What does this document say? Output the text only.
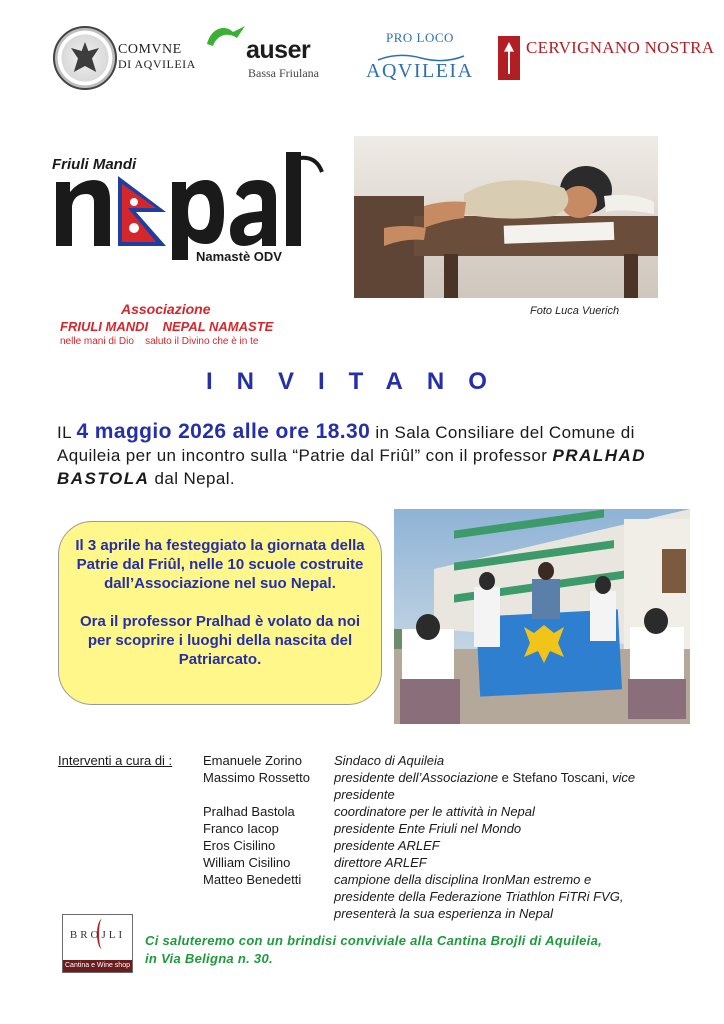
COMVNE
DI AQVILEIA auser
Bassa Friulana
PRO LOCO
AQVILEIA
CERVIGNANO NOSTRA
Friuli Mandi
Namastè ODV
Foto Luca Vuerich
Associazione
FRIULI MANDI NEPAL NAMASTE
nelle mani di Dio saluto il Divino che è in te
INVITANO
IL 4 maggio 2026 alle ore 18.30 in Sala Consiliare del Comune di Aquileia per un incontro sulla “Patrie dal Friûl” con il professor PRALHAD BASTOLA dal Nepal.

Il 3 aprile ha festeggiato la giornata della Patrie dal Friûl, nelle 10 scuole costruite dall’Associazione nel suo Nepal.

Ora il professor Pralhad è volato da noi per scoprire i luoghi della nascita del Patriarcato.

Interventi a cura di : Emanuele Zorino
Massimo Rossetto
Pralhad Bastola
Franco Iacop
Eros Cisilino
William Cisilino
Matteo Benedetti
Sindaco di Aquileia
presidente dell’Associazione e Stefano Toscani, vice
presidente
coordinatore per le attività in Nepal
presidente Ente Friuli nel Mondo
presidente ARLEF
direttore ARLEF
campione della disciplina IronMan estremo e
presidente della Federazione Triathlon FiTRi FVG,
presenterà la sua esperienza in Nepal
BROJLI
Cantina e Wine shop
Ci saluteremo con un brindisi conviviale alla Cantina Brojli di Aquileia,
in Via Beligna n. 30.
